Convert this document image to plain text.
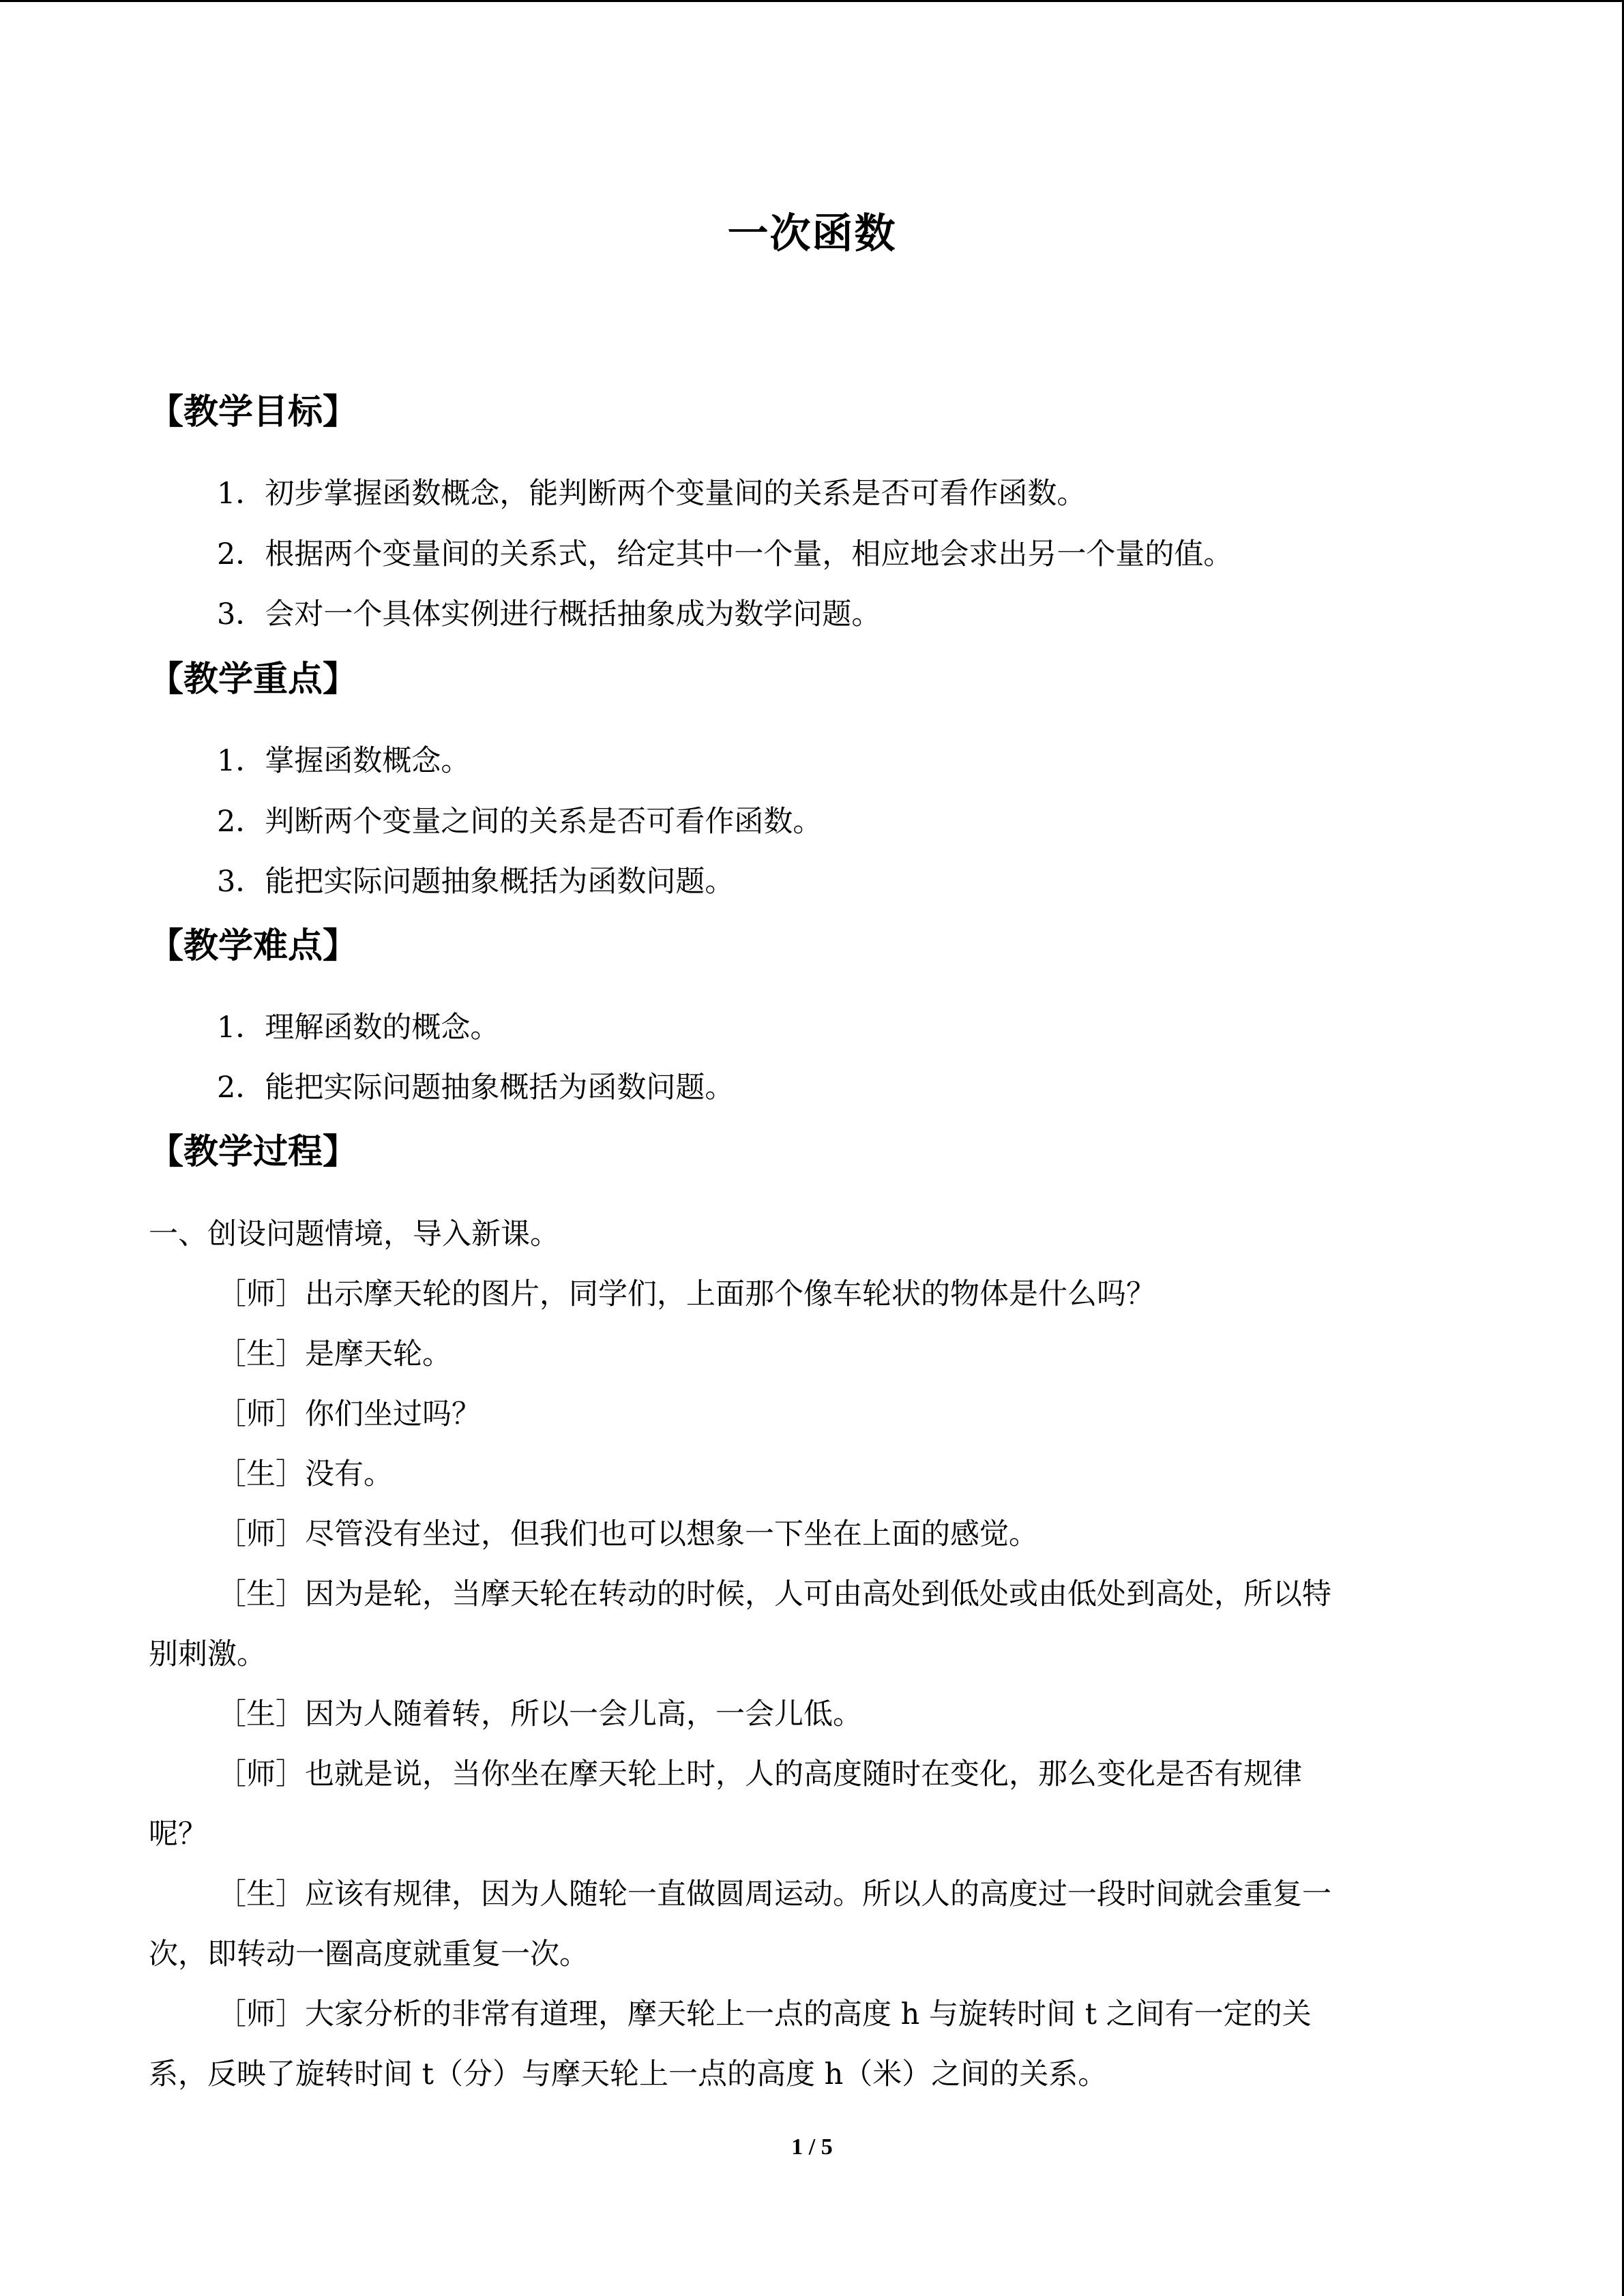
一次函数
【教学目标】
1．初步掌握函数概念，能判断两个变量间的关系是否可看作函数。
2．根据两个变量间的关系式，给定其中一个量，相应地会求出另一个量的值。
3．会对一个具体实例进行概括抽象成为数学问题。
【教学重点】
1．掌握函数概念。
2．判断两个变量之间的关系是否可看作函数。
3．能把实际问题抽象概括为函数问题。
【教学难点】
1．理解函数的概念。
2．能把实际问题抽象概括为函数问题。
【教学过程】
一、创设问题情境，导入新课。
［师］出示摩天轮的图片，同学们，上面那个像车轮状的物体是什么吗？
［生］是摩天轮。
［师］你们坐过吗？
［生］没有。
［师］尽管没有坐过，但我们也可以想象一下坐在上面的感觉。
［生］因为是轮，当摩天轮在转动的时候，人可由高处到低处或由低处到高处，所以特
别刺激。
［生］因为人随着转，所以一会儿高，一会儿低。
［师］也就是说，当你坐在摩天轮上时，人的高度随时在变化，那么变化是否有规律
呢？
［生］应该有规律，因为人随轮一直做圆周运动。所以人的高度过一段时间就会重复一
次，即转动一圈高度就重复一次。
［师］大家分析的非常有道理，摩天轮上一点的高度 h 与旋转时间 t 之间有一定的关
系，反映了旋转时间 t（分）与摩天轮上一点的高度 h（米）之间的关系。
1 / 5
